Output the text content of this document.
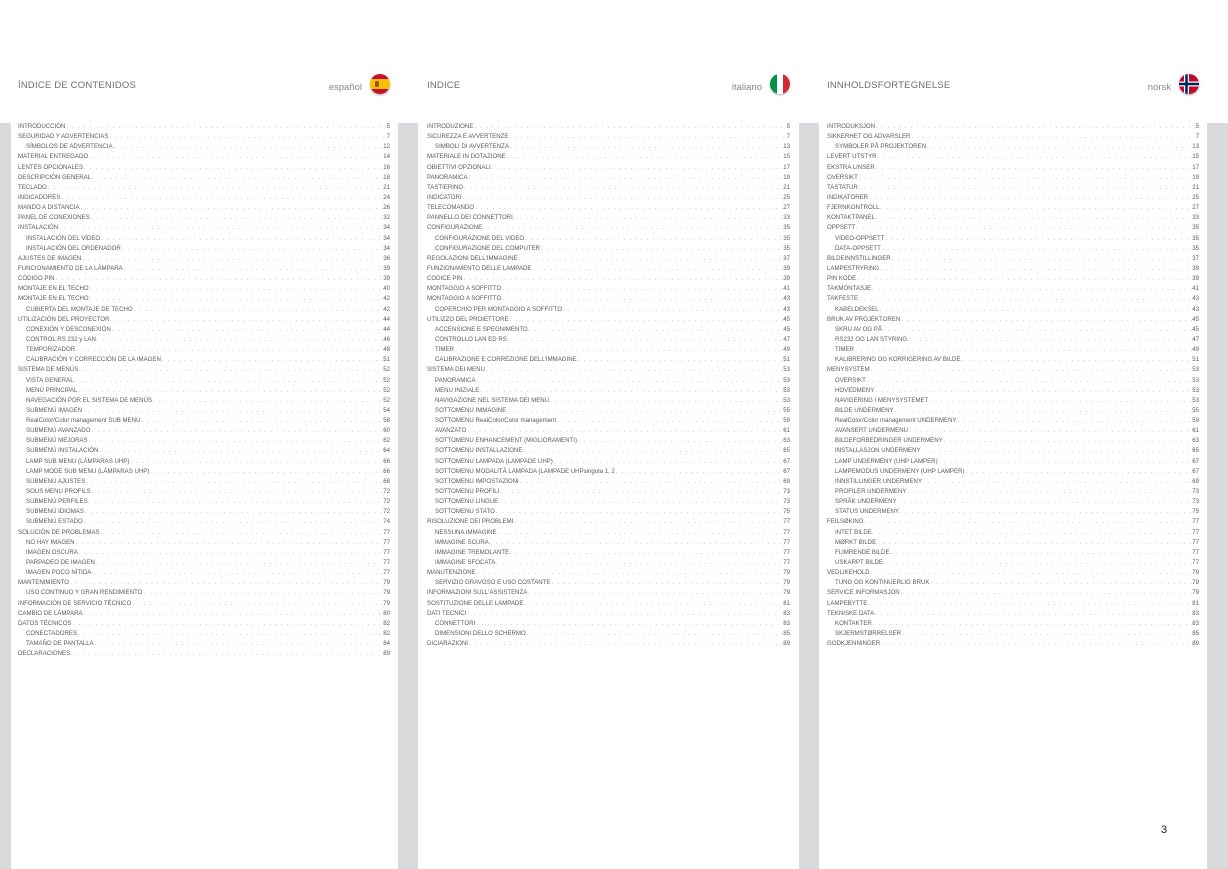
ÍNDICE DE CONTENIDOS	español
INTRODUCCIÓN . . .	5
SEGURIDAD Y ADVERTENCIAS . . .	7
SÍMBOLOS DE ADVERTENCIA . . .	12
MATERIAL ENTREGADO . . .	14
LENTES OPCIONALES . . .	16
DESCRIPCIÓN GENERAL . . .	18
TECLADO . . .	21
INDICADORES . . .	24
MANDO A DISTANCIA . . .	26
PANEL DE CONEXIONES . . .	32
INSTALACIÓN . . .	34
INSTALACIÓN DEL VÍDEO . . .	34
INSTALACIÓN DEL ORDENADOR . . .	34
AJUSTES DE IMAGEN . . .	36
FUNCIONAMIENTO DE LA LÁMPARA . . .	39
CÓDIGO PIN . . .	39
MONTAJE EN EL TECHO . . .	40
MONTAJE EN EL TECHO . . .	42
CUBIERTA DEL MONTAJE DE TECHO . . .	42
UTILIZACIÓN DEL PROYECTOR . . .	44
CONEXIÓN Y DESCONEXIÓN . . .	44
CONTROL RS 232 y LAN . . .	46
TEMPORIZADOR . . .	48
CALIBRACIÓN Y CORRECCIÓN DE LA IMAGEN . . .	51
SISTEMA DE MENÚS . . .	52
VISTA GENERAL . . .	52
MENÚ PRINCIPAL . . .	52
NAVEGACIÓN POR EL SISTEMA DE MENÚS . . .	52
SUBMENÚ IMAGEN . . .	54
RealColor/Color management SUB MENU . . .	58
SUBMENÚ AVANZADO . . .	60
SUBMENÚ MEJORAS . . .	62
SUBMENÚ INSTALACIÓN . . .	64
LAMP SUB MENU (LÁMPARAS UHP) . . .	66
LAMP MODE SUB MENU (LÁMPARAS UHP) . . .	66
SUBMENÚ AJUSTES . . .	68
SOUS MENU PROFILS . . .	72
SUBMENÚ PERFILES . . .	72
SUBMENÚ IDIOMAS . . .	72
SUBMENÚ ESTADO . . .	74
SOLUCIÓN DE PROBLEMAS . . .	77
NO HAY IMAGEN . . .	77
IMAGEN OSCURA . . .	77
PARPADEO DE IMAGEN . . .	77
IMAGEN POCO NÍTIDA . . .	77
MANTENIMIENTO . . .	79
USO CONTINUO Y GRAN RENDIMIENTO . . .	79
INFORMACIÓN DE SERVICIO TÉCNICO . . .	79
CAMBIO DE LÁMPARA . . .	80
DATOS TÉCNICOS . . .	82
CONECTADORES . . .	82
TAMAÑO DE PANTALLA . . .	84
DECLARACIONES . . .	89
INDICE	italiano
INTRODUZIONE . . .	5
SICUREZZA E AVVERTENZE . . .	7
SIMBOLI DI AVVERTENZA . . .	13
MATERIALE IN DOTAZIONE . . .	15
OBIETTIVI OPZIONALI . . .	17
PANORAMICA . . .	19
TASTIERINO . . .	21
INDICATORI . . .	25
TELECOMANDO . . .	27
PANNELLO DEI CONNETTORI . . .	33
CONFIGURAZIONE . . .	35
CONFIGURAZIONE DEL VIDEO . . .	35
CONFIGURAZIONE DEL COMPUTER . . .	35
REGOLAZIONI DELL'IMMAGINE . . .	37
FUNZIONAMENTO DELLE LAMPADE . . .	39
CODICE PIN . . .	39
MONTAGGIO A SOFFITTO . . .	41
MONTAGGIO A SOFFITTO . . .	43
COPERCHIO PER MONTAGGIO A SOFFITTO . . .	43
UTILIZZO DEL PROIETTORE . . .	45
ACCENSIONE E SPEGNIMENTO . . .	45
CONTROLLO LAN ED RS . . .	47
TIMER . . .	49
CALIBRAZIONE E CORREZIONE DELL'IMMAGINE . . .	51
SISTEMA DEI MENU . . .	53
PANORAMICA . . .	53
MENU INIZIALE . . .	53
NAVIGAZIONE NEL SISTEMA DEI MENU . . .	53
SOTTOMENU IMMAGINE . . .	55
SOTTOMENU RealColor/Color management . . .	59
AVANZATO . . .	61
SOTTOMENU ENHANCEMENT (MIGLIORAMENTI) . . .	63
SOTTOMENU INSTALLAZIONE . . .	65
SOTTOMENU LAMPADA (LAMPADE UHP) . . .	67
SOTTOMENU MODALITÀ LAMPADA (LAMPADE UHPsingola 1, 2 . . .	67
SOTTOMENU IMPOSTAZIONI . . .	69
SOTTOMENU PROFILI . . .	73
SOTTOMENU LINGUE . . .	73
SOTTOMENU STATO . . .	75
RISOLUZIONE DEI PROBLEMI . . .	77
NESSUNA IMMAGINE . . .	77
IMMAGINE SCURA . . .	77
IMMAGINE TREMOLANTE . . .	77
IMMAGINE SFOCATA . . .	77
MANUTENZIONE . . .	79
SERVIZIO GRAVOSO E USO COSTANTE . . .	79
INFORMAZIONI SULL'ASSISTENZA . . .	79
SOSTITUZIONE DELLE LAMPADE . . .	81
DATI TECNICI . . .	83
CONNETTORI . . .	83
DIMENSIONI DELLO SCHERMO . . .	85
DICIARAZIONI . . .	89
INNHOLDSFORTEGNELSE	norsk
INTRODUKSJON . . .	5
SIKKERHET OG ADVARSLER . . .	7
SYMBOLER PÅ PROJEKTOREN . . .	13
LEVERT UTSTYR . . .	15
EKSTRA LINSER . . .	17
OVERSIKT . . .	19
TASTATUR . . .	21
INDIKATORER . . .	25
FJERNKONTROLL . . .	27
KONTAKTPANEL . . .	33
OPPSETT . . .	35
VIDEO-OPPSETT . . .	35
DATA-OPPSETT . . .	35
BILDEINNSTILLINGER . . .	37
LAMPESTRYRING . . .	39
PIN KODE . . .	39
TAKMONTASJE . . .	41
TAKFESTE . . .	43
KABELDEKSEL . . .	43
BRUK AV PROJEKTOREN . . .	45
SKRU AV OG PÅ . . .	45
RS232 OG LAN STYRING . . .	47
TIMER . . .	49
KALIBRERING OG KORRIGERING AV BILDE . . .	51
MENYSYSTEM . . .	53
OVERSIKT . . .	53
HOVEDMENY . . .	53
NAVIGERING I MENYSYSTEMET . . .	53
BILDE UNDERMENY . . .	55
RealColor/Color management UNDERMENY . . .	59
AVANSERT UNDERMENU . . .	61
BILDEFORBEDRINGER UNDERMENY . . .	63
INSTALLASJON UNDERMENY . . .	65
LAMP UNDERMENY (UHP LAMPER) . . .	67
LAMPEMODUS UNDERMENY (UHP LAMPER) . . .	67
INNSTILLINGER UNDERMENY . . .	69
PROFILER UNDERMENY . . .	73
SPRÅK UNDERMENY . . .	73
STATUS UNDERMENY . . .	75
FEILSØKING . . .	77
INTET BILDE . . .	77
MØRKT BILDE . . .	77
FLIMRENDE BILDE . . .	77
USKARPT BILDE . . .	77
VEDLIKEHOLD . . .	79
TUNG OG KONTINUERLIG BRUK . . .	79
SERVICE INFORMASJON . . .	79
LAMPEBYTTE . . .	81
TEKNISKE DATA . . .	83
KONTAKTER . . .	83
SKJERMSTØRRELSER . . .	85
GODKJENNINGER . . .	89
3
